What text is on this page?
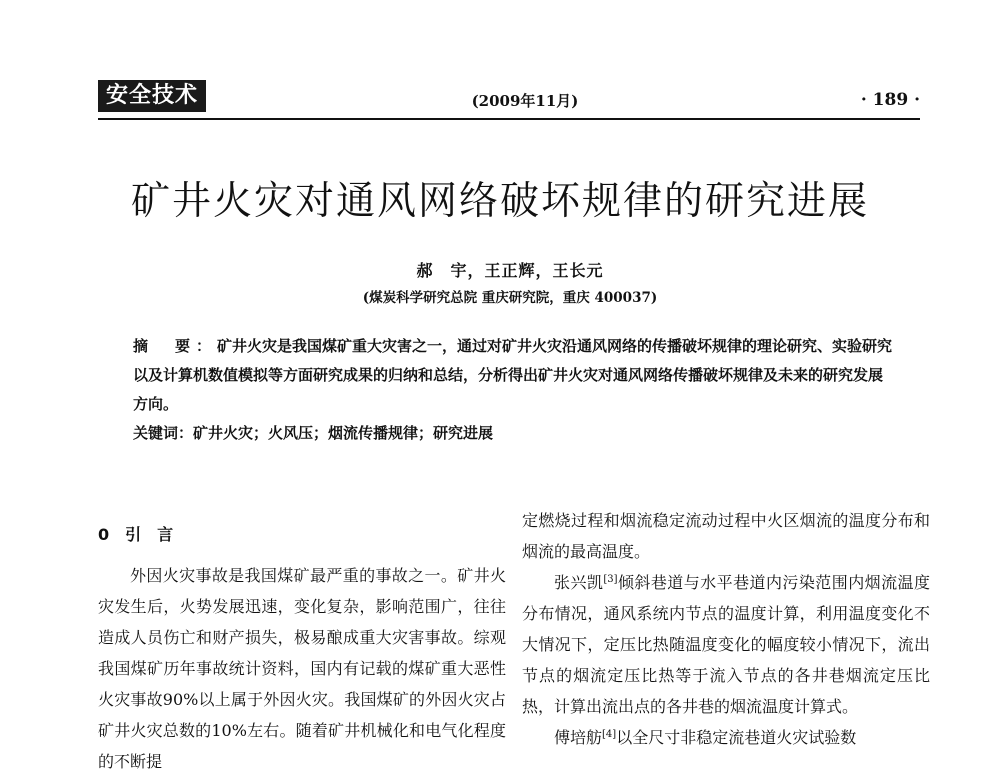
安全技术	(2009年11月)	· 189 ·
矿井火灾对通风网络破坏规律的研究进展
郝　宇，王正辉，王长元
(煤炭科学研究总院 重庆研究院，重庆 400037)
摘　要：矿井火灾是我国煤矿重大灾害之一，通过对矿井火灾沿通风网络的传播破坏规律的理论研究、实验研究以及计算机数值模拟等方面研究成果的归纳和总结，分析得出矿井火灾对通风网络传播破坏规律及未来的研究发展方向。
关键词：矿井火灾；火风压；烟流传播规律；研究进展

0　引　言

外因火灾事故是我国煤矿最严重的事故之一。矿井火灾发生后，火势发展迅速，变化复杂，影响范围广，往往造成人员伤亡和财产损失，极易酿成重大灾害事故。综观我国煤矿历年事故统计资料，国内有记载的煤矿重大恶性火灾事故90%以上属于外因火灾。我国煤矿的外因火灾占矿井火灾总数的10%左右。随着矿井机械化和电气化程度的不断提

定燃烧过程和烟流稳定流动过程中火区烟流的温度分布和烟流的最高温度。

张兴凯[3]倾斜巷道与水平巷道内污染范围内烟流温度分布情况，通风系统内节点的温度计算，利用温度变化不大情况下，定压比热随温度变化的幅度较小情况下，流出节点的烟流定压比热等于流入节点的各井巷烟流定压比热，计算出流出点的各井巷的烟流温度计算式。

傅培舫[4]以全尺寸非稳定流巷道火灾试验数
